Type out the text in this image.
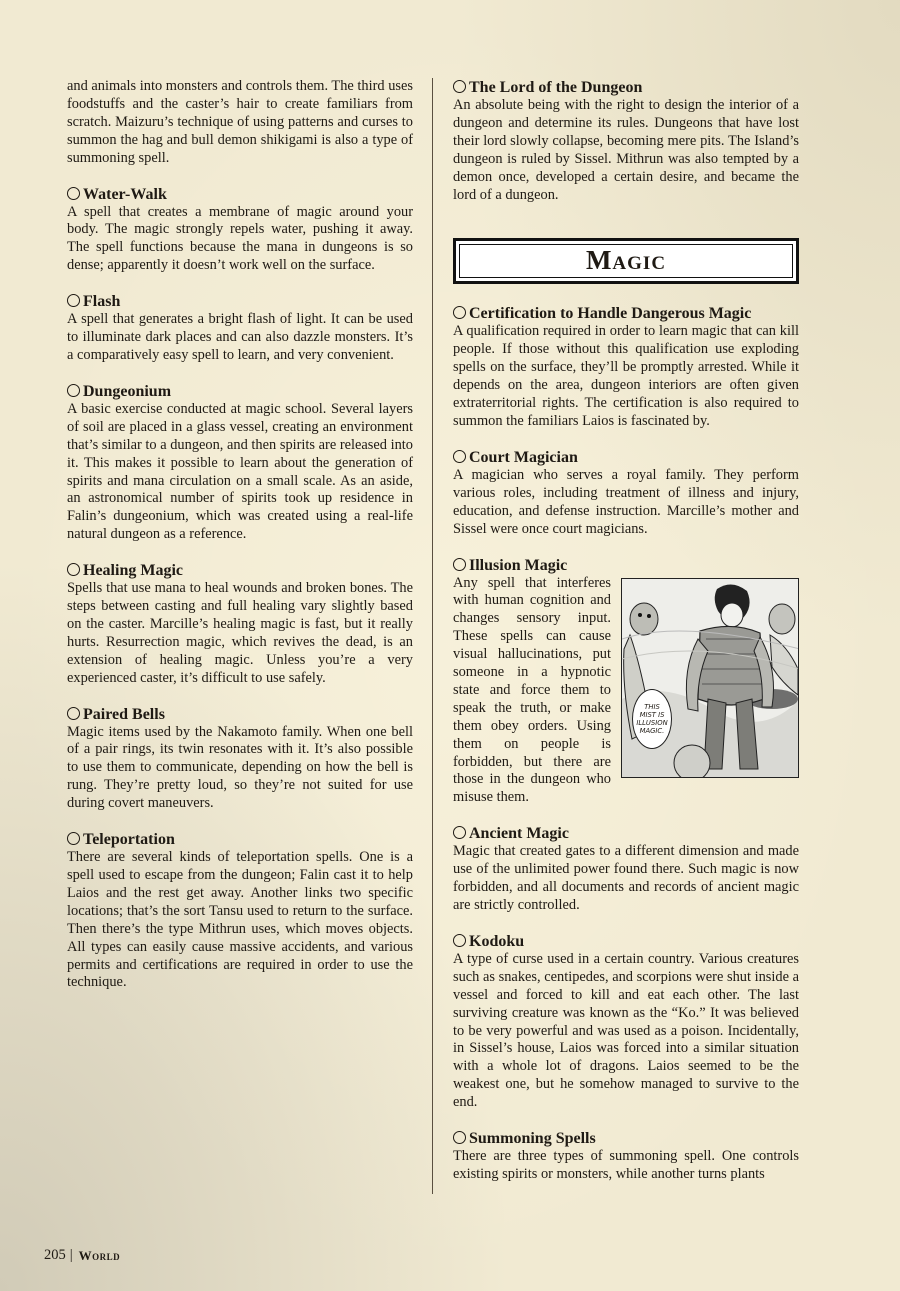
and animals into monsters and controls them. The third uses foodstuffs and the caster’s hair to create familiars from scratch. Maizuru’s technique of using patterns and curses to summon the hag and bull demon shikigami is also a type of summoning spell.

Water-Walk

A spell that creates a membrane of magic around your body. The magic strongly repels water, pushing it away. The spell functions because the mana in dungeons is so dense; apparently it doesn’t work well on the surface.

Flash

A spell that generates a bright flash of light. It can be used to illuminate dark places and can also dazzle monsters. It’s a comparatively easy spell to learn, and very convenient.

Dungeonium

A basic exercise conducted at magic school. Several layers of soil are placed in a glass vessel, creating an environment that’s similar to a dungeon, and then spirits are released into it. This makes it possible to learn about the generation of spirits and mana circulation on a small scale. As an aside, an astronomical number of spirits took up residence in Falin’s dungeonium, which was created using a real-life natural dungeon as a reference.

Healing Magic

Spells that use mana to heal wounds and broken bones. The steps between casting and full healing vary slightly based on the caster. Marcille’s healing magic is fast, but it really hurts. Resurrection magic, which revives the dead, is an extension of healing magic. Unless you’re a very experienced caster, it’s difficult to use safely.

Paired Bells

Magic items used by the Nakamoto family. When one bell of a pair rings, its twin resonates with it. It’s also possible to use them to communicate, depending on how the bell is rung. They’re pretty loud, so they’re not suited for use during covert maneuvers.

Teleportation

There are several kinds of teleportation spells. One is a spell used to escape from the dungeon; Falin cast it to help Laios and the rest get away. Another links two specific locations; that’s the sort Tansu used to return to the surface. Then there’s the type Mithrun uses, which moves objects. All types can easily cause massive accidents, and various permits and certifications are required in order to use the technique.

The Lord of the Dungeon

An absolute being with the right to design the interior of a dungeon and determine its rules. Dungeons that have lost their lord slowly collapse, becoming mere pits. The Island’s dungeon is ruled by Sissel. Mithrun was also tempted by a demon once, developed a certain desire, and became the lord of a dungeon.

Magic
Certification to Handle Dangerous Magic

A qualification required in order to learn magic that can kill people. If those without this qualification use exploding spells on the surface, they’ll be promptly arrested. While it depends on the area, dungeon interiors are often given extraterritorial rights. The certification is also required to summon the familiars Laios is fascinated by.

Court Magician

A magician who serves a royal family. They perform various roles, including treatment of illness and injury, education, and defense instruction. Marcille’s mother and Sissel were once court magicians.

Illusion Magic
THIS MIST IS ILLUSION MAGIC.

Any spell that interferes with human cognition and changes sensory input. These spells can cause visual hallucinations, put someone in a hypnotic state and force them to speak the truth, or make them obey orders. Using them on people is forbidden, but there are those in the dungeon who misuse them.

Ancient Magic

Magic that created gates to a different dimension and made use of the unlimited power found there. Such magic is now forbidden, and all documents and records of ancient magic are strictly controlled.

Kodoku

A type of curse used in a certain country. Various creatures such as snakes, centipedes, and scorpions were shut inside a vessel and forced to kill and eat each other. The last surviving creature was known as the “Ko.” It was believed to be very powerful and was used as a poison. Incidentally, in Sissel’s house, Laios was forced into a similar situation with a whole lot of dragons. Laios seemed to be the weakest one, but he somehow managed to survive to the end.

Summoning Spells

There are three types of summoning spell. One controls existing spirits or monsters, while another turns plants

205 | World
